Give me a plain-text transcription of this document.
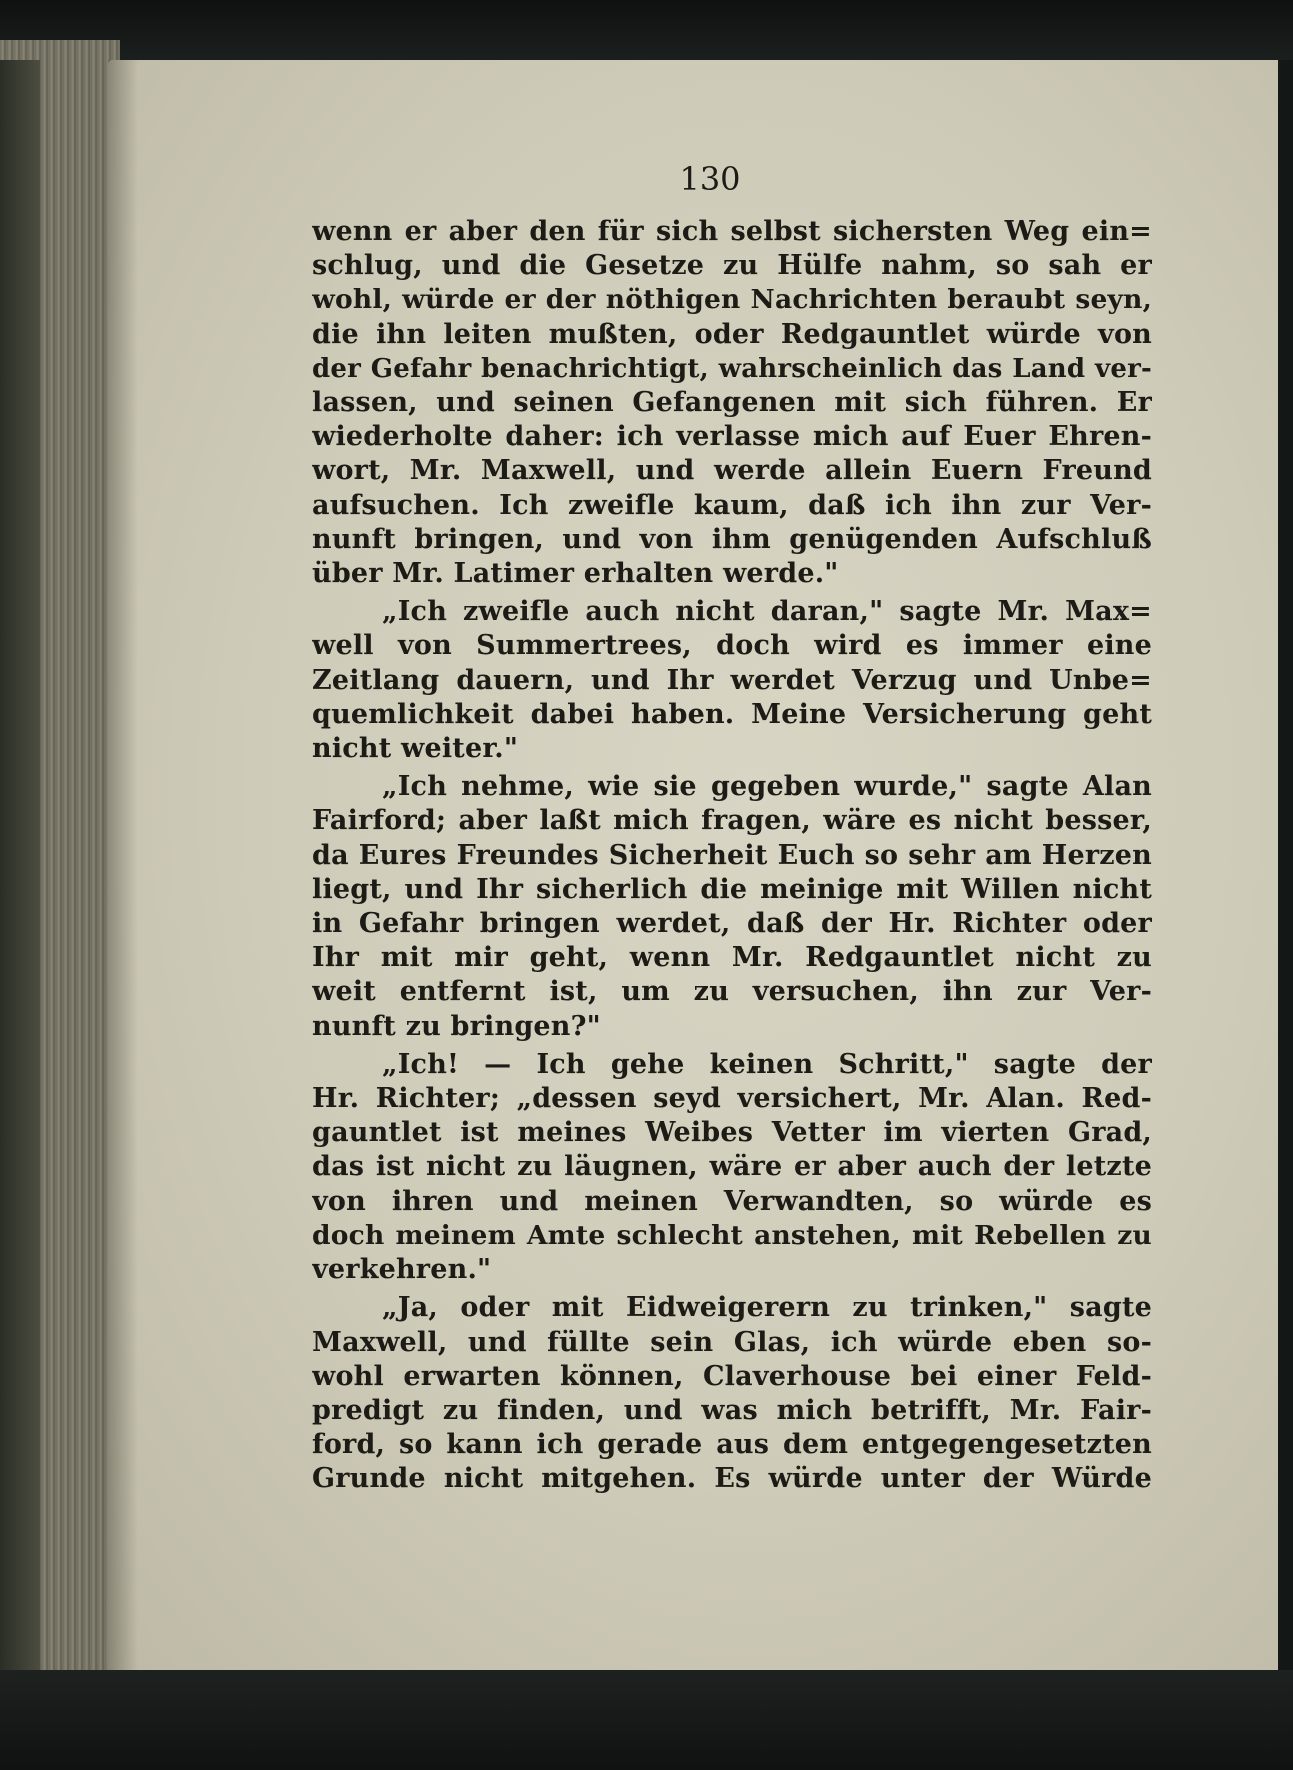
130
wenn er aber den für sich selbst sichersten Weg ein=
schlug, und die Gesetze zu Hülfe nahm, so sah er
wohl, würde er der nöthigen Nachrichten beraubt seyn,
die ihn leiten mußten, oder Redgauntlet würde von
der Gefahr benachrichtigt, wahrscheinlich das Land ver-
lassen, und seinen Gefangenen mit sich führen. Er
wiederholte daher: ich verlasse mich auf Euer Ehren-
wort, Mr. Maxwell, und werde allein Euern Freund
aufsuchen. Ich zweifle kaum, daß ich ihn zur Ver-
nunft bringen, und von ihm genügenden Aufschluß
über Mr. Latimer erhalten werde."
„Ich zweifle auch nicht daran," sagte Mr. Max=
well von Summertrees, doch wird es immer eine
Zeitlang dauern, und Ihr werdet Verzug und Unbe=
quemlichkeit dabei haben. Meine Versicherung geht
nicht weiter."
„Ich nehme, wie sie gegeben wurde," sagte Alan
Fairford; aber laßt mich fragen, wäre es nicht besser,
da Eures Freundes Sicherheit Euch so sehr am Herzen
liegt, und Ihr sicherlich die meinige mit Willen nicht
in Gefahr bringen werdet, daß der Hr. Richter oder
Ihr mit mir geht, wenn Mr. Redgauntlet nicht zu
weit entfernt ist, um zu versuchen, ihn zur Ver-
nunft zu bringen?"
„Ich! — Ich gehe keinen Schritt," sagte der
Hr. Richter; „dessen seyd versichert, Mr. Alan. Red-
gauntlet ist meines Weibes Vetter im vierten Grad,
das ist nicht zu läugnen, wäre er aber auch der letzte
von ihren und meinen Verwandten, so würde es
doch meinem Amte schlecht anstehen, mit Rebellen zu
verkehren."
„Ja, oder mit Eidweigerern zu trinken," sagte
Maxwell, und füllte sein Glas, ich würde eben so-
wohl erwarten können, Claverhouse bei einer Feld-
predigt zu finden, und was mich betrifft, Mr. Fair-
ford, so kann ich gerade aus dem entgegengesetzten
Grunde nicht mitgehen. Es würde unter der Würde
